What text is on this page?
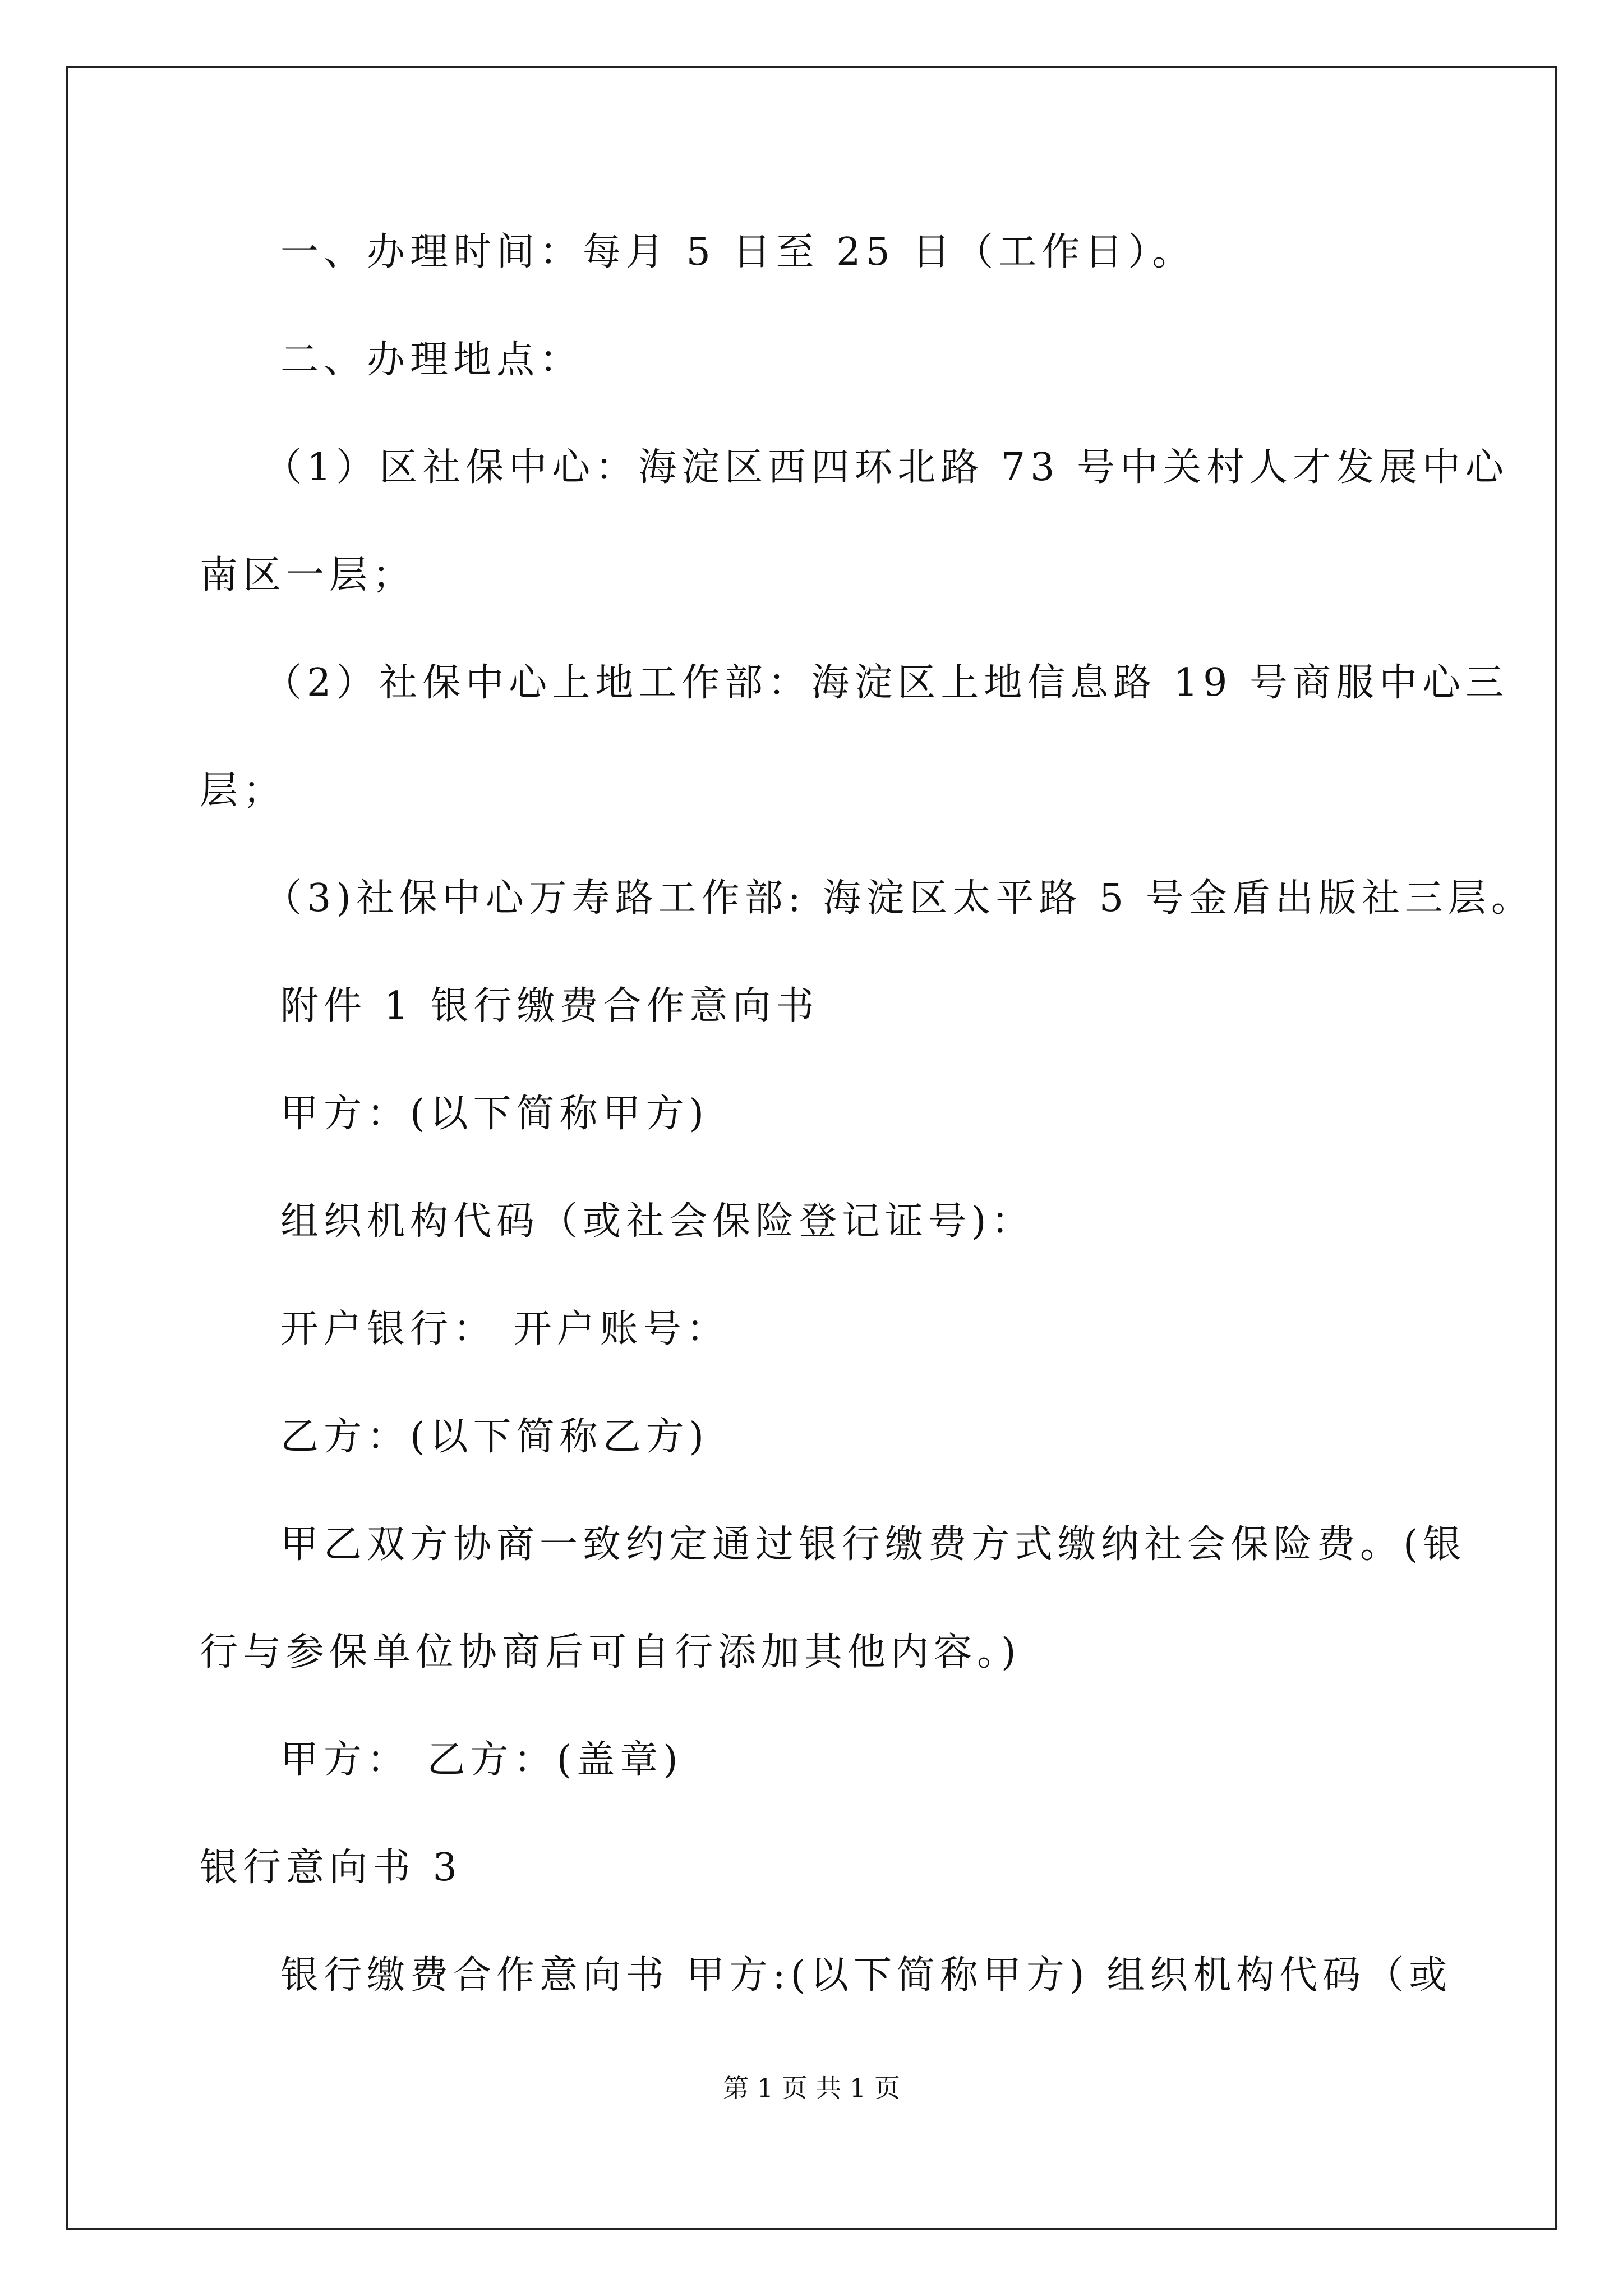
一、办理时间：每月 5 日至 25 日（工作日）。
二、办理地点：
（1）区社保中心：海淀区西四环北路 73 号中关村人才发展中心
南区一层；
（2）社保中心上地工作部：海淀区上地信息路 19 号商服中心三
层；
（3)社保中心万寿路工作部: 海淀区太平路 5 号金盾出版社三层。
附件 1 银行缴费合作意向书
甲方：(以下简称甲方)
组织机构代码（或社会保险登记证号)：
开户银行： 开户账号：
乙方：(以下简称乙方)
甲乙双方协商一致约定通过银行缴费方式缴纳社会保险费。(银
行与参保单位协商后可自行添加其他内容。)
甲方： 乙方：(盖章)
银行意向书 3
银行缴费合作意向书 甲方:(以下简称甲方) 组织机构代码（或
第 1 页 共 1 页
